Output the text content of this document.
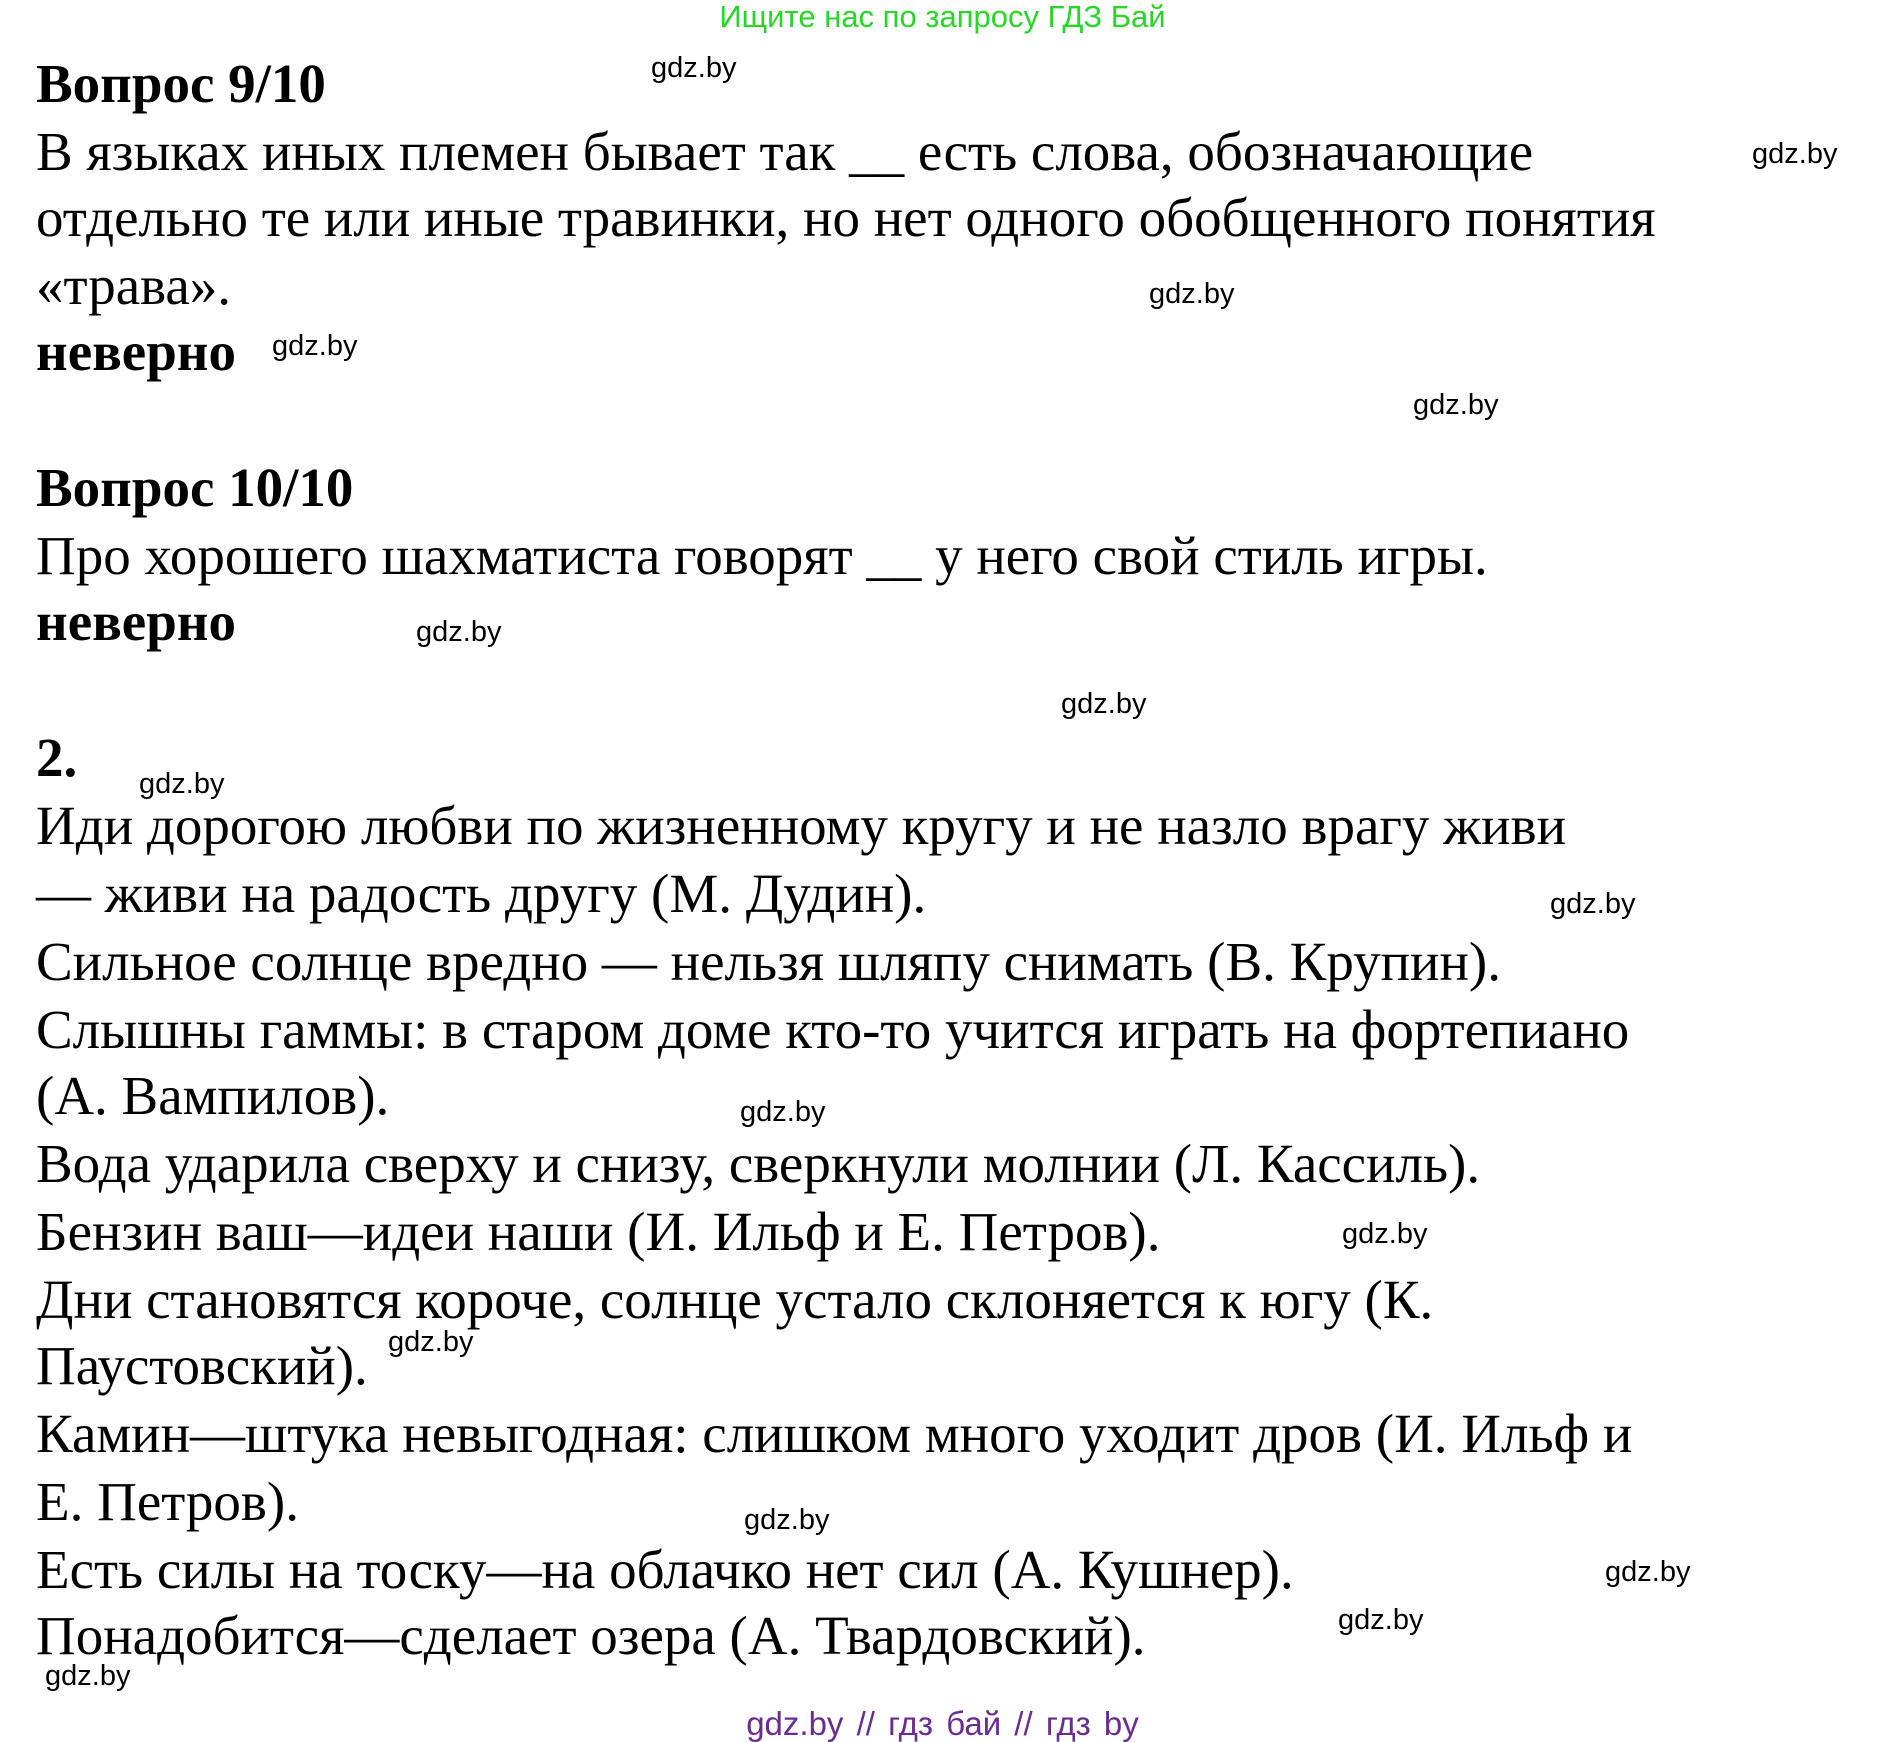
Ищите нас по запросу ГДЗ Бай
Вопрос 9/10
В языках иных племен бывает так __ есть слова, обозначающие
отдельно те или иные травинки, но нет одного обобщенного понятия
«трава».
неверно
Вопрос 10/10
Про хорошего шахматиста говорят __ у него свой стиль игры.
неверно
2.
Иди дорогою любви по жизненному кругу и не назло врагу живи
— живи на радость другу (М. Дудин).
Сильное солнце вредно — нельзя шляпу снимать (В. Крупин).
Слышны гаммы: в старом доме кто-то учится играть на фортепиано
(А. Вампилов).
Вода ударила сверху и снизу, сверкнули молнии (Л. Кассиль).
Бензин ваш—идеи наши (И. Ильф и Е. Петров).
Дни становятся короче, солнце устало склоняется к югу (К.
Паустовский).
Камин—штука невыгодная: слишком много уходит дров (И. Ильф и
Е. Петров).
Есть силы на тоску—на облачко нет сил (А. Кушнер).
Понадобится—сделает озера (А. Твардовский).
gdz.by
gdz.by
gdz.by
gdz.by
gdz.by
gdz.by
gdz.by
gdz.by
gdz.by
gdz.by
gdz.by
gdz.by
gdz.by
gdz.by
gdz.by
gdz.by
gdz.by // гдз бай // гдз by
